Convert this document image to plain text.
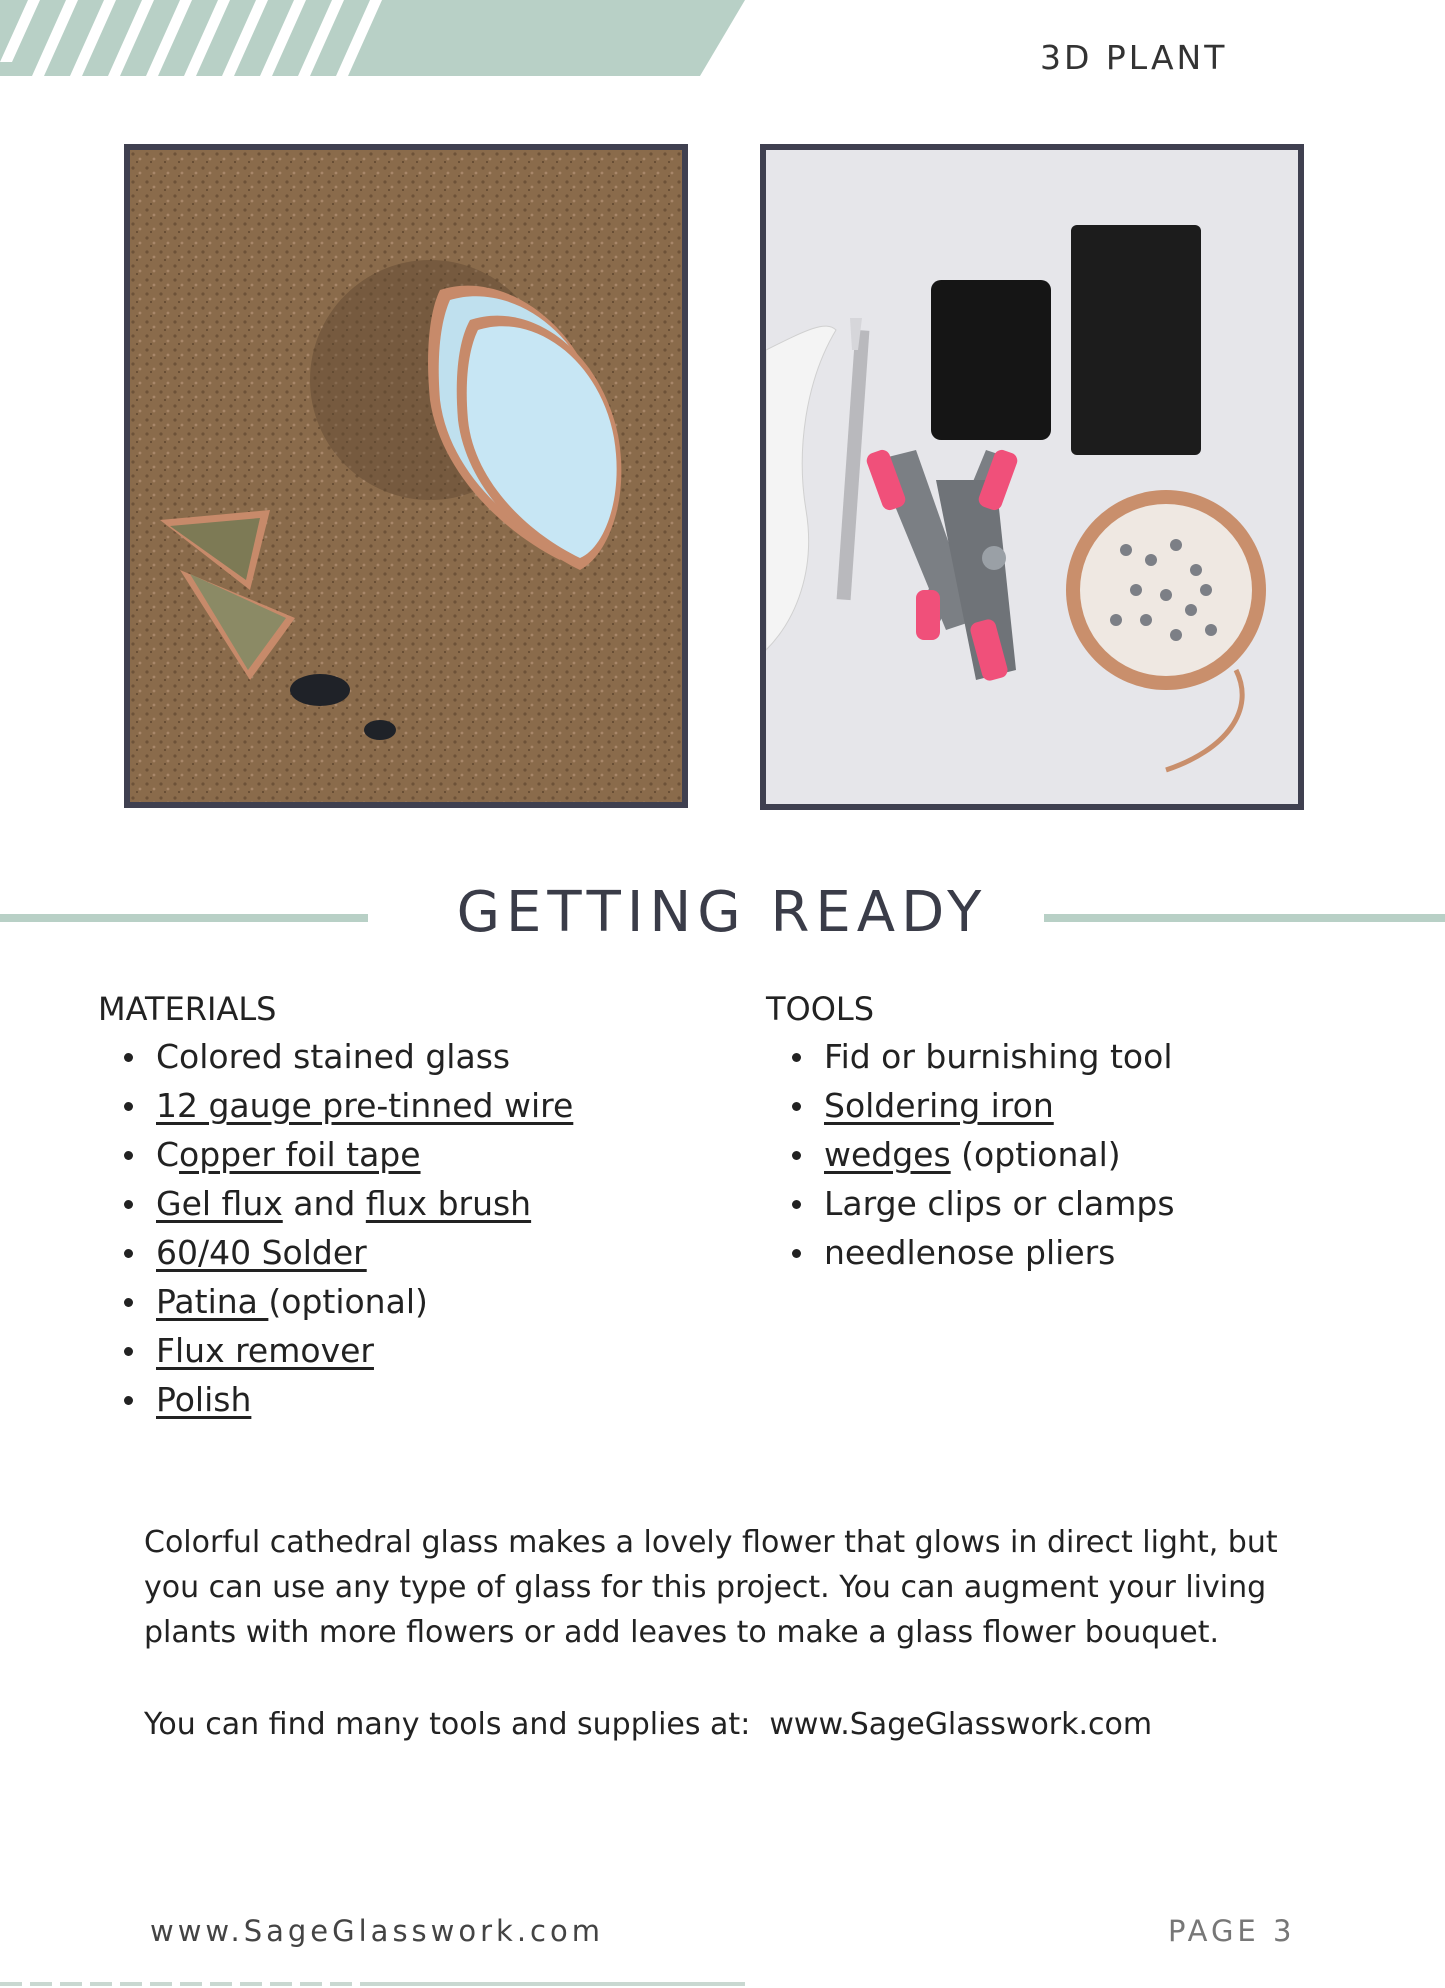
3D PLANT
GETTING READY
MATERIALS
Colored stained glass
12 gauge pre-tinned wire
Copper foil tape
Gel flux and flux brush
60/40 Solder
Patina (optional)
Flux remover
Polish
TOOLS
Fid or burnishing tool
Soldering iron
wedges (optional)
Large clips or clamps
needlenose pliers
Colorful cathedral glass makes a lovely flower that glows in direct light, but you can use any type of glass for this project. You can augment your living plants with more flowers or add leaves to make a glass flower bouquet.
You can find many tools and supplies at:  www.SageGlasswork.com
www.SageGlasswork.com	PAGE 3
